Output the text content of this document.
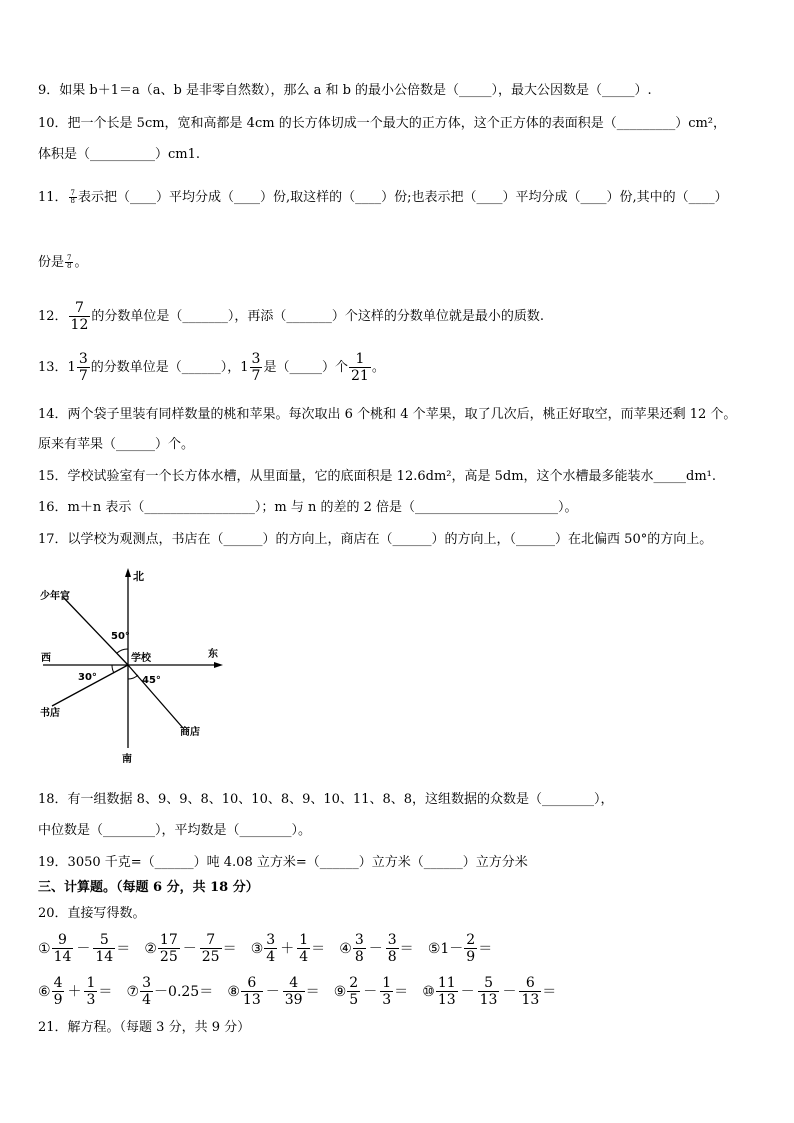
9．如果 b＋1＝a（a、b 是非零自然数），那么 a 和 b 的最小公倍数是（_____），最大公因数是（_____）.
10．把一个长是 5cm，宽和高都是 4cm 的长方体切成一个最大的正方体，这个正方体的表面积是（_________）cm²，
体积是（__________）cm1.
11． $\frac{7}{8}$ 表示把（____）平均分成（____）份,取这样的（____）份;也表示把（____）平均分成（____）份,其中的（____）
份是 $\frac{7}{8}$ 。
12． $\frac{7}{12}$ 的分数单位是（_______），再添（_______）个这样的分数单位就是最小的质数.
13． $1 \frac{3}{7}$ 的分数单位是（______）， $1 \frac{3}{7}$ 是（_____）个 $\frac{1}{21}$ 。
14．两个袋子里装有同样数量的桃和苹果。每次取出 6 个桃和 4 个苹果，取了几次后，桃正好取空，而苹果还剩 12 个。
原来有苹果（______）个。
15．学校试验室有一个长方体水槽，从里面量，它的底面积是 12.6dm²，高是 5dm，这个水槽最多能装水_____dm¹.
16．m＋n 表示（_________________）；m 与 n 的差的 2 倍是（______________________）。
17．以学校为观测点，书店在（______）的方向上，商店在（______）的方向上，（______）在北偏西 50°的方向上。
北
南
东
西	学校
少年宫
书店
商店
50°
30°	45°
18．有一组数据 8、9、9、8、10、10、8、9、10、11、8、8，这组数据的众数是（________），
中位数是（________），平均数是（________）。
19．3050 千克=（______）吨 4.08 立方米=（______）立方米（______）立方分米
三、计算题。（每题 6 分，共 18 分）
20．直接写得数。
① $\frac{9}{14} - \frac{5}{14}$ ＝
② $\frac{17}{25} - \frac{7}{25}$ ＝
③ $\frac{3}{4} + \frac{1}{4}$ ＝
④ $\frac{3}{8} - \frac{3}{8}$ ＝
⑤ $1- \frac{2}{9}$ ＝
⑥ $\frac{4}{9} + \frac{1}{3}$ ＝
⑦ $\frac{3}{4} -0.25=$
⑧ $\frac{6}{13} - \frac{4}{39}$ ＝
⑨ $\frac{2}{5} - \frac{1}{3}$ ＝
⑩ $\frac{11}{13} - \frac{5}{13} - \frac{6}{13}$ ＝
21．解方程。（每题 3 分，共 9 分）
